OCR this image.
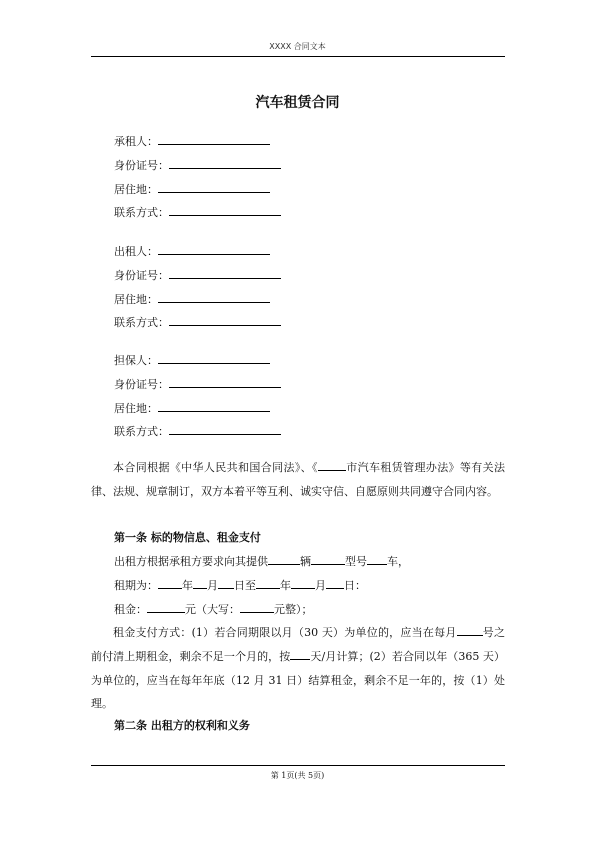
XXXX 合同文本
汽车租赁合同
承租人：
身份证号：
居住地：
联系方式：
出租人：
身份证号：
居住地：
联系方式：
担保人：
身份证号：
居住地：
联系方式：
本合同根据《中华人民共和国合同法》、《	市汽车租赁管理办法》等有关法律、法规、规章制订，双方本着平等互利、诚实守信、自愿原则共同遵守合同内容。
第一条 标的物信息、租金支付
出租方根据承租方要求向其提供	辆	型号 车，
租期为： 年 月 日至 年 月 日：
租金：	元（大写：	元整）；
租金支付方式：(1）若合同期限以月（30 天）为单位的，应当在每月 号之前付清上期租金，剩余不足一个月的，按 天/月计算；(2）若合同以年（365 天）为单位的，应当在每年年底（12 月 31 日）结算租金，剩余不足一年的，按（1）处理。
第二条 出租方的权利和义务
第 1页(共 5页)
